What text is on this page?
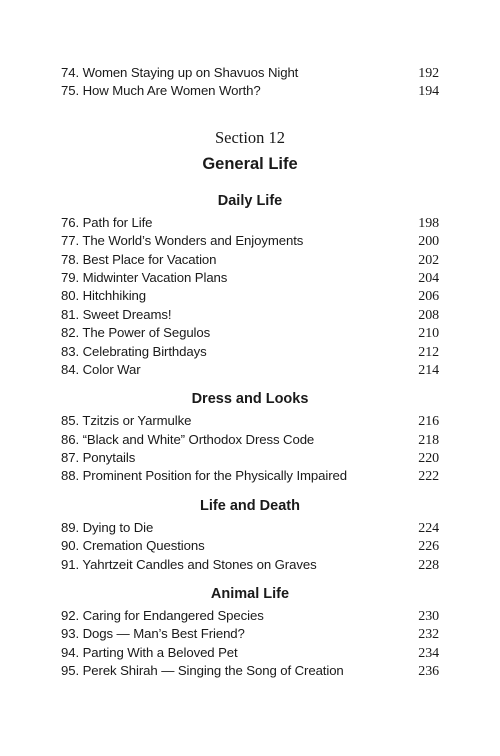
74. Women Staying up on Shavuos Night	192
75. How Much Are Women Worth?	194
Section 12
General Life
Daily Life
76. Path for Life	198
77. The World’s Wonders and Enjoyments	200
78. Best Place for Vacation	202
79. Midwinter Vacation Plans	204
80. Hitchhiking	206
81. Sweet Dreams!	208
82. The Power of Segulos	210
83. Celebrating Birthdays	212
84. Color War	214
Dress and Looks
85. Tzitzis or Yarmulke	216
86. “Black and White” Orthodox Dress Code	218
87. Ponytails	220
88. Prominent Position for the Physically Impaired	222
Life and Death
89. Dying to Die	224
90. Cremation Questions	226
91. Yahrtzeit Candles and Stones on Graves	228
Animal Life
92. Caring for Endangered Species	230
93. Dogs — Man’s Best Friend?	232
94. Parting With a Beloved Pet	234
95. Perek Shirah — Singing the Song of Creation	236
